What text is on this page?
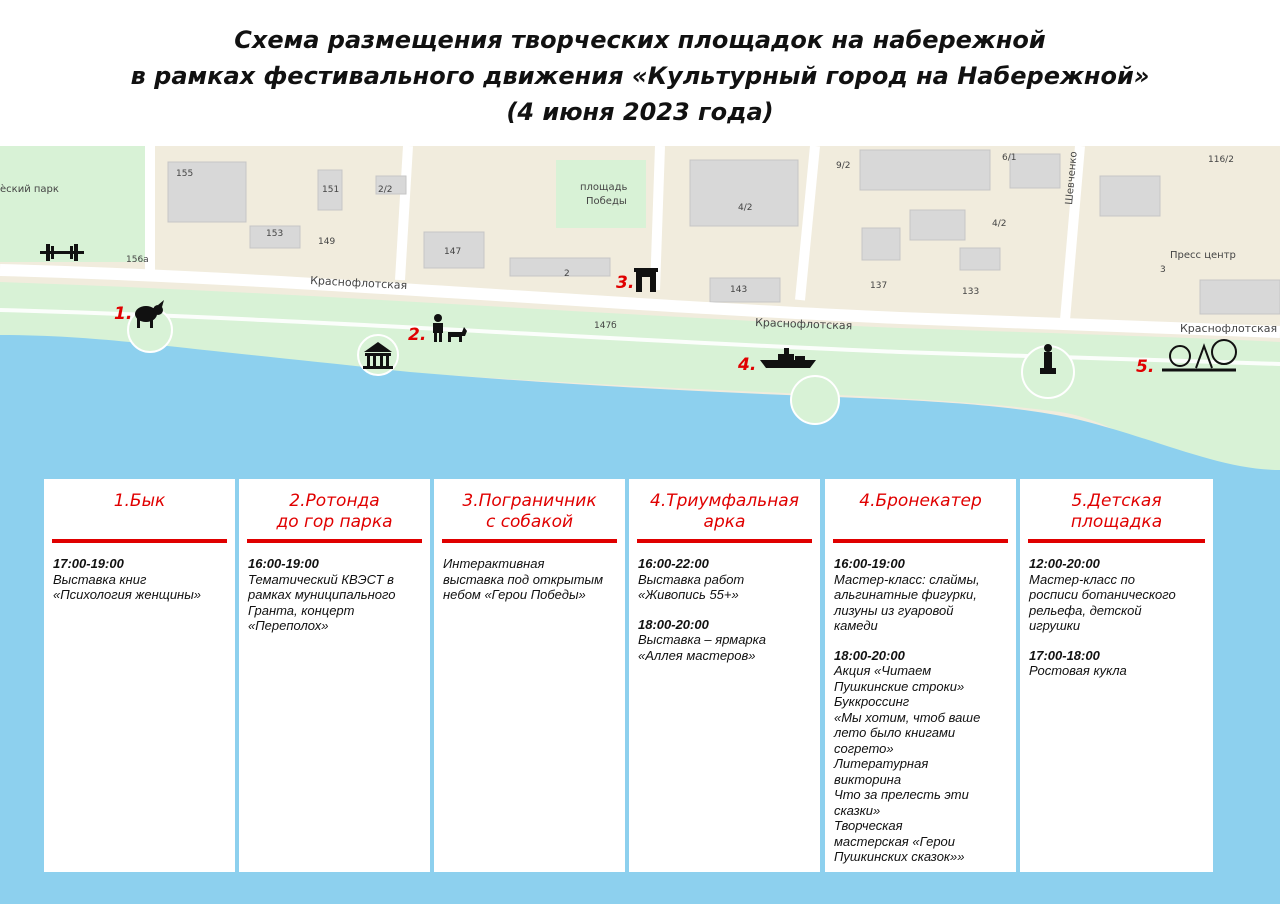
Схема размещения творческих площадок на набережной
в рамках фестивального движения «Культурный город на Набережной»
(4 июня 2023 года)
Краснофлотская
Краснофлотская	Краснофлотская
Шевченко
площадь
Победы
Пресс центр
ѐский парк
155
151	2/2
153
149
147
2
143
4/2
4/2
137
133
9/2
6/1	116/2
147б
156а
3
1.
2.
3.
4.	5.
1.Бык
17:00-19:00
Выставка книг
«Психология женщины»
2.Ротонда
до гор парка
16:00-19:00
Тематический КВЭСТ в
рамках муниципального
Гранта, концерт
«Переполох»
3.Пограничник
с собакой
Интерактивная
выставка под открытым
небом «Герои Победы»
4.Триумфальная
арка
16:00-22:00
Выставка работ
«Живопись 55+»
18:00-20:00
Выставка – ярмарка
«Аллея мастеров»
4.Бронекатер
16:00-19:00
Мастер-класс: слаймы,
альгинатные фигурки,
лизуны из гуаровой
камеди
18:00-20:00
Акция «Читаем
Пушкинские строки»
Буккроссинг
«Мы хотим, чтоб ваше
лето было книгами
согрето»
Литературная
викторина
Что за прелесть эти
сказки»
Творческая
мастерская «Герои
Пушкинских сказок»»
5.Детская
площадка
12:00-20:00
Мастер-класс по
росписи ботанического
рельефа, детской
игрушки
17:00-18:00
Ростовая кукла
